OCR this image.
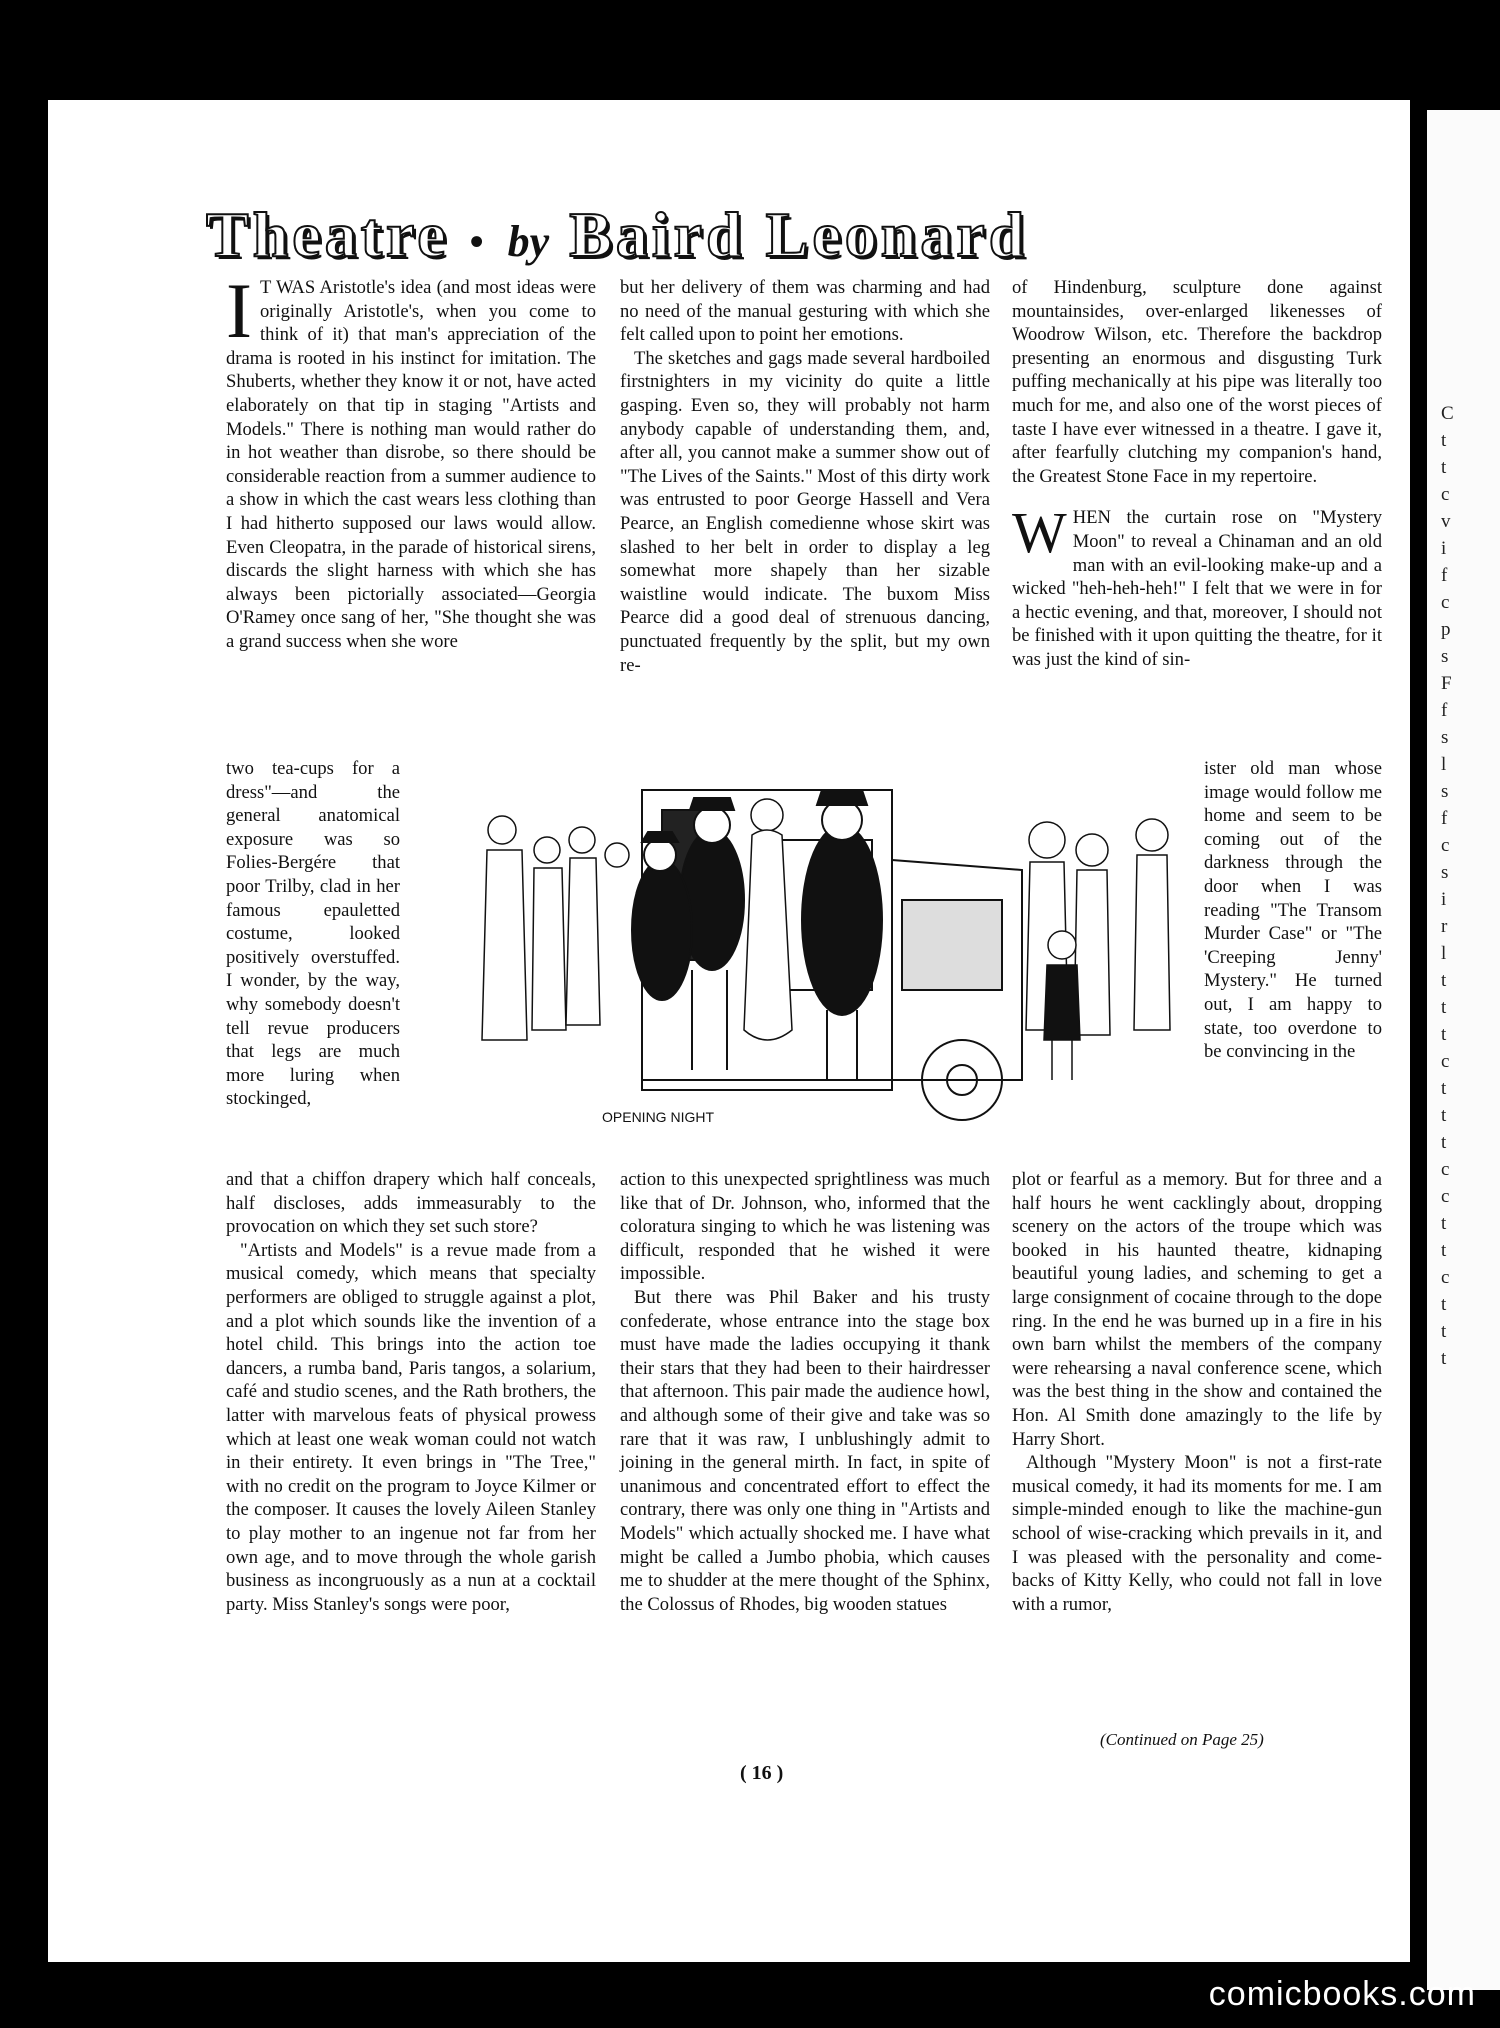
C
t
t
c
v
i
f
c
p
s
F
f
s
l
s
f
c
s
i
r
l
t
t
t
c
t
t
t
c
c
t
t
c
t
t
t
Theatre • by Baird Leonard

I T WAS Aristotle's idea (and most ideas were originally Aristotle's, when you come to think of it) that man's appreciation of the drama is rooted in his instinct for imitation. The Shuberts, whether they know it or not, have acted elaborately on that tip in staging "Artists and Models." There is nothing man would rather do in hot weather than disrobe, so there should be considerable reaction from a summer audience to a show in which the cast wears less clothing than I had hitherto supposed our laws would allow. Even Cleopatra, in the parade of historical sirens, discards the slight harness with which she has always been pictorially associated—Georgia O'Ramey once sang of her, "She thought she was a grand success when she wore

two tea-cups for a dress"—and the general anatomical exposure was so Folies-Bergére that poor Trilby, clad in her famous epauletted costume, looked positively overstuffed. I wonder, by the way, why somebody doesn't tell revue producers that legs are much more luring when stockinged,

and that a chiffon drapery which half conceals, half discloses, adds immeasurably to the provocation on which they set such store?

"Artists and Models" is a revue made from a musical comedy, which means that specialty performers are obliged to struggle against a plot, and a plot which sounds like the invention of a hotel child. This brings into the action toe dancers, a rumba band, Paris tangos, a solarium, café and studio scenes, and the Rath brothers, the latter with marvelous feats of physical prowess which at least one weak woman could not watch in their entirety. It even brings in "The Tree," with no credit on the program to Joyce Kilmer or the composer. It causes the lovely Aileen Stanley to play mother to an ingenue not far from her own age, and to move through the whole garish business as incongruously as a nun at a cocktail party. Miss Stanley's songs were poor,

but her delivery of them was charming and had no need of the manual gesturing with which she felt called upon to point her emotions.

The sketches and gags made several hardboiled firstnighters in my vicinity do quite a little gasping. Even so, they will probably not harm anybody capable of understanding them, and, after all, you cannot make a summer show out of "The Lives of the Saints." Most of this dirty work was entrusted to poor George Hassell and Vera Pearce, an English comedienne whose skirt was slashed to her belt in order to display a leg somewhat more shapely than her sizable waistline would indicate. The buxom Miss Pearce did a good deal of strenuous dancing, punctuated frequently by the split, but my own re-

action to this unexpected sprightliness was much like that of Dr. Johnson, who, informed that the coloratura singing to which he was listening was difficult, responded that he wished it were impossible.

But there was Phil Baker and his trusty confederate, whose entrance into the stage box must have made the ladies occupying it thank their stars that they had been to their hairdresser that afternoon. This pair made the audience howl, and although some of their give and take was so rare that it was raw, I unblushingly admit to joining in the general mirth. In fact, in spite of unanimous and concentrated effort to effect the contrary, there was only one thing in "Artists and Models" which actually shocked me. I have what might be called a Jumbo phobia, which causes me to shudder at the mere thought of the Sphinx, the Colossus of Rhodes, big wooden statues

of Hindenburg, sculpture done against mountainsides, over-enlarged likenesses of Woodrow Wilson, etc. Therefore the backdrop presenting an enormous and disgusting Turk puffing mechanically at his pipe was literally too much for me, and also one of the worst pieces of taste I have ever witnessed in a theatre. I gave it, after fearfully clutching my companion's hand, the Greatest Stone Face in my repertoire.

WHEN the curtain rose on "Mystery Moon" to reveal a Chinaman and an old man with an evil-looking make-up and a wicked "heh-heh-heh!" I felt that we were in for a hectic evening, and that, moreover, I should not be finished with it upon quitting the theatre, for it was just the kind of sin-

ister old man whose image would follow me home and seem to be coming out of the darkness through the door when I was reading "The Transom Murder Case" or "The 'Creeping Jenny' Mystery." He turned out, I am happy to state, too overdone to be convincing in the

plot or fearful as a memory. But for three and a half hours he went cacklingly about, dropping scenery on the actors of the troupe which was booked in his haunted theatre, kidnaping beautiful young ladies, and scheming to get a large consignment of cocaine through to the dope ring. In the end he was burned up in a fire in his own barn whilst the members of the company were rehearsing a naval conference scene, which was the best thing in the show and contained the Hon. Al Smith done amazingly to the life by Harry Short.

Although "Mystery Moon" is not a first-rate musical comedy, it had its moments for me. I am simple-minded enough to like the machine-gun school of wise-cracking which prevails in it, and I was pleased with the personality and come-backs of Kitty Kelly, who could not fall in love with a rumor,

OPENING NIGHT
(Continued on Page 25)
( 16 )
comicbooks.com
